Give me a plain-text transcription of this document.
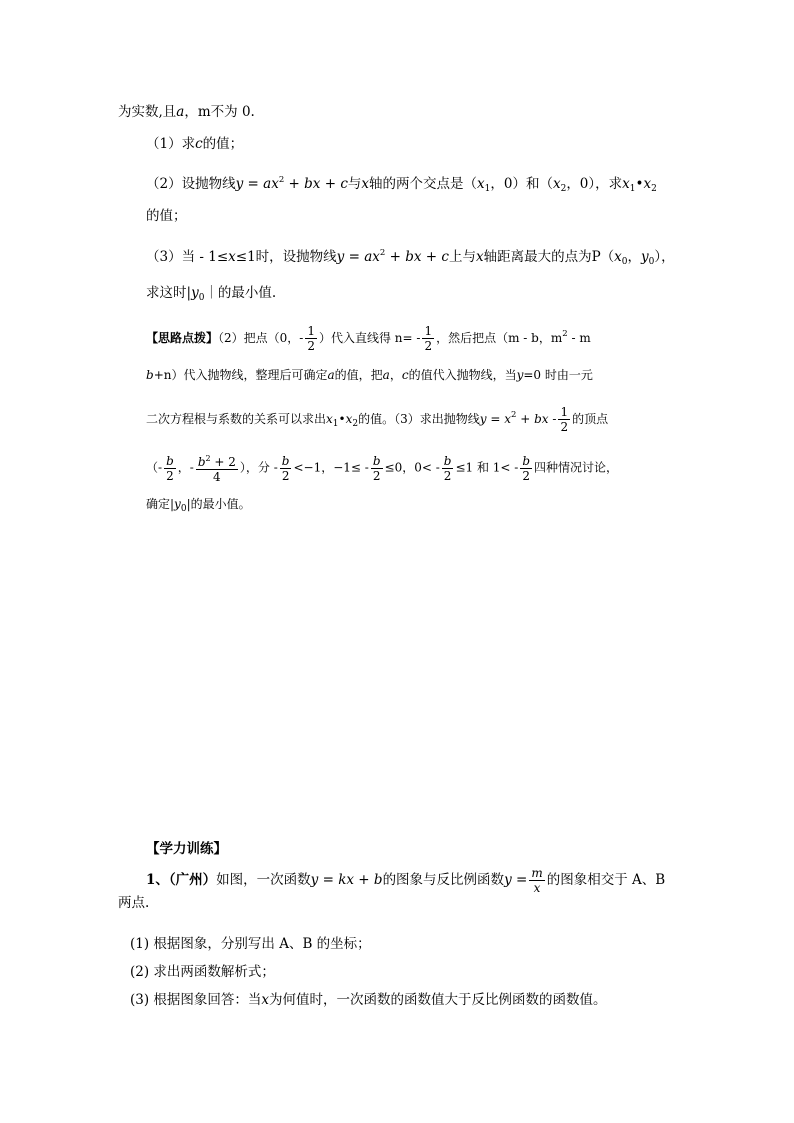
为实数,且a，m不为 0.
（1）求c的值；
（2）设抛物线$y = ax^2$ + bx + c与x轴的两个交点是（$x_1$，0）和（$x_2$，0），求$x_1•x_2$
的值；
（3）当 - 1≤x≤1时，设抛物线$y = ax^2$ + bx + c上与x轴距离最大的点为$P(x_0$，$y_0$），
求这时$|y_0|$的最小值.
【思路点拨】（2）把点（0，- $\frac{1}{2}$ ）代入直线得 $n= - \frac{1}{2}$ ，然后把点（m - b，$m^2$ - m
b+n）代入抛物线，整理后可确定a的值，把a，c的值代入抛物线，当y=0 时由一元
二次方程根与系数的关系可以求出$x_1•x_2$的值。（3）求出抛物线$y = x^2$ + bx - $\frac{1}{2}$ 的顶点
（- $\frac{b}{2}$ ，- $\frac{b^2 + 2}{4}$ ），分 - $\frac{b}{2} <-1$，$-1\le - \frac{b}{2} \le 0$，$0< - \frac{b}{2} \le 1$ 和 $1< - \frac{b}{2}$ 四种情况讨论，
确定$|y_0|$的最小值。
【学力训练】
1、（广州）如图，一次函数y = kx + b的图象与反比例函数$y = \frac{m}{x}$ 的图象相交于 A、B
两点.
(1) 根据图象，分别写出 A、B 的坐标；
(2) 求出两函数解析式；
(3) 根据图象回答：当x为何值时，一次函数的函数值大于反比例函数的函数值。
